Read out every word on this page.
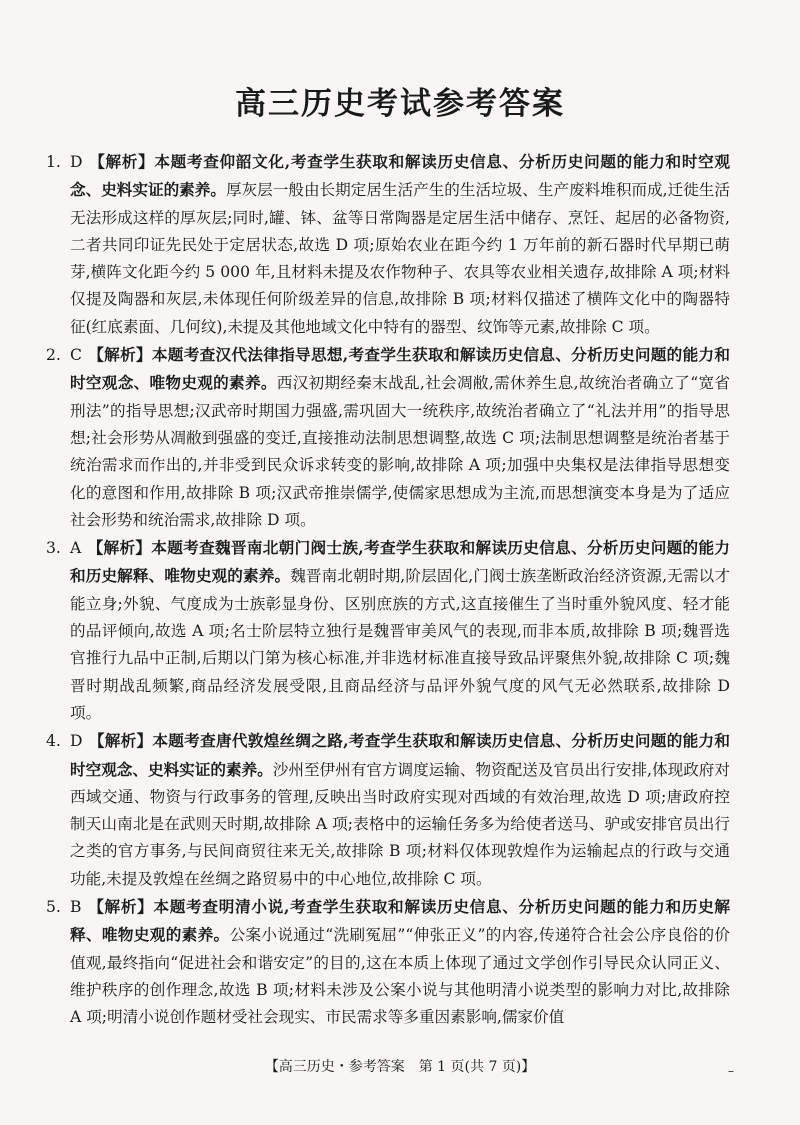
高三历史考试参考答案

1. D 【解析】本题考查仰韶文化,考查学生获取和解读历史信息、分析历史问题的能力和时空观念、史料实证的素养。厚灰层一般由长期定居生活产生的生活垃圾、生产废料堆积而成,迁徙生活无法形成这样的厚灰层;同时,罐、钵、盆等日常陶器是定居生活中储存、烹饪、起居的必备物资,二者共同印证先民处于定居状态,故选 D 项;原始农业在距今约 1 万年前的新石器时代早期已萌芽,横阵文化距今约 5 000 年,且材料未提及农作物种子、农具等农业相关遗存,故排除 A 项;材料仅提及陶器和灰层,未体现任何阶级差异的信息,故排除 B 项;材料仅描述了横阵文化中的陶器特征(红底素面、几何纹),未提及其他地域文化中特有的器型、纹饰等元素,故排除 C 项。

2. C 【解析】本题考查汉代法律指导思想,考查学生获取和解读历史信息、分析历史问题的能力和时空观念、唯物史观的素养。西汉初期经秦末战乱,社会凋敝,需休养生息,故统治者确立了“宽省刑法”的指导思想;汉武帝时期国力强盛,需巩固大一统秩序,故统治者确立了“礼法并用”的指导思想;社会形势从凋敝到强盛的变迁,直接推动法制思想调整,故选 C 项;法制思想调整是统治者基于统治需求而作出的,并非受到民众诉求转变的影响,故排除 A 项;加强中央集权是法律指导思想变化的意图和作用,故排除 B 项;汉武帝推崇儒学,使儒家思想成为主流,而思想演变本身是为了适应社会形势和统治需求,故排除 D 项。

3. A 【解析】本题考查魏晋南北朝门阀士族,考查学生获取和解读历史信息、分析历史问题的能力和历史解释、唯物史观的素养。魏晋南北朝时期,阶层固化,门阀士族垄断政治经济资源,无需以才能立身;外貌、气度成为士族彰显身份、区别庶族的方式,这直接催生了当时重外貌风度、轻才能的品评倾向,故选 A 项;名士阶层特立独行是魏晋审美风气的表现,而非本质,故排除 B 项;魏晋选官推行九品中正制,后期以门第为核心标准,并非选材标准直接导致品评聚焦外貌,故排除 C 项;魏晋时期战乱频繁,商品经济发展受限,且商品经济与品评外貌气度的风气无必然联系,故排除 D 项。

4. D 【解析】本题考查唐代敦煌丝绸之路,考查学生获取和解读历史信息、分析历史问题的能力和时空观念、史料实证的素养。沙州至伊州有官方调度运输、物资配送及官员出行安排,体现政府对西域交通、物资与行政事务的管理,反映出当时政府实现对西域的有效治理,故选 D 项;唐政府控制天山南北是在武则天时期,故排除 A 项;表格中的运输任务多为给使者送马、驴或安排官员出行之类的官方事务,与民间商贸往来无关,故排除 B 项;材料仅体现敦煌作为运输起点的行政与交通功能,未提及敦煌在丝绸之路贸易中的中心地位,故排除 C 项。

5. B 【解析】本题考查明清小说,考查学生获取和解读历史信息、分析历史问题的能力和历史解释、唯物史观的素养。公案小说通过“洗刷冤屈”“伸张正义”的内容,传递符合社会公序良俗的价值观,最终指向“促进社会和谐安定”的目的,这在本质上体现了通过文学创作引导民众认同正义、维护秩序的创作理念,故选 B 项;材料未涉及公案小说与其他明清小说类型的影响力对比,故排除 A 项;明清小说创作题材受社会现实、市民需求等多重因素影响,儒家价值

【高三历史・参考答案　第 1 页(共 7 页)】	–
